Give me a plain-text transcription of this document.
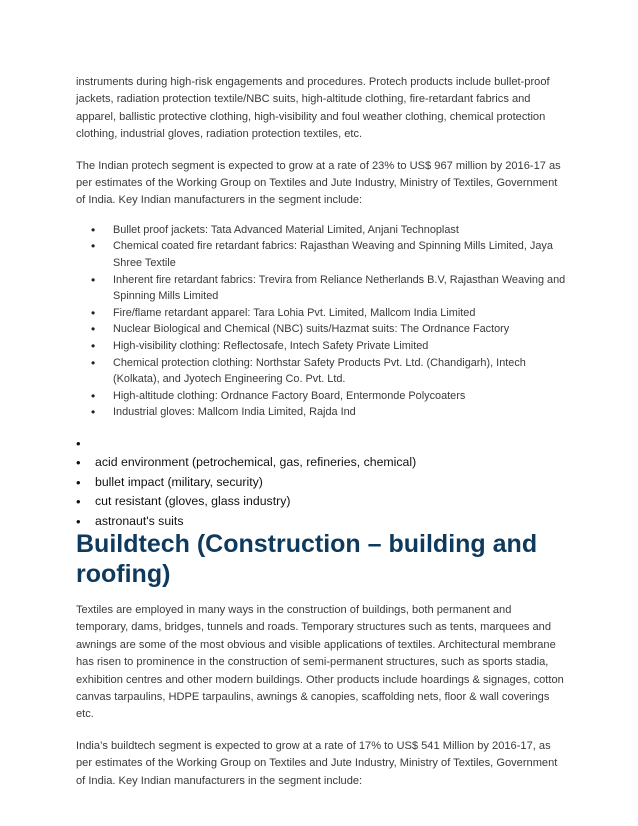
instruments during high-risk engagements and procedures. Protech products include bullet-proof jackets, radiation protection textile/NBC suits, high-altitude clothing, fire-retardant fabrics and apparel, ballistic protective clothing, high-visibility and foul weather clothing, chemical protection clothing, industrial gloves, radiation protection textiles, etc.

The Indian protech segment is expected to grow at a rate of 23% to US$ 967 million by 2016-17 as per estimates of the Working Group on Textiles and Jute Industry, Ministry of Textiles, Government of India. Key Indian manufacturers in the segment include:

• Bullet proof jackets: Tata Advanced Material Limited, Anjani Technoplast
• Chemical coated fire retardant fabrics: Rajasthan Weaving and Spinning Mills Limited, Jaya Shree Textile
• Inherent fire retardant fabrics: Trevira from Reliance Netherlands B.V, Rajasthan Weaving and Spinning Mills Limited
• Fire/flame retardant apparel: Tara Lohia Pvt. Limited, Mallcom India Limited
• Nuclear Biological and Chemical (NBC) suits/Hazmat suits: The Ordnance Factory
• High-visibility clothing: Reflectosafe, Intech Safety Private Limited
• Chemical protection clothing: Northstar Safety Products Pvt. Ltd. (Chandigarh), Intech (Kolkata), and Jyotech Engineering Co. Pvt. Ltd.
• High-altitude clothing: Ordnance Factory Board, Entermonde Polycoaters
• Industrial gloves: Mallcom India Limited, Rajda Ind
•
• acid environment (petrochemical, gas, refineries, chemical)
• bullet impact (military, security)
• cut resistant (gloves, glass industry)
• astronaut's suits
Buildtech (Construction – building and roofing)

Textiles are employed in many ways in the construction of buildings, both permanent and temporary, dams, bridges, tunnels and roads. Temporary structures such as tents, marquees and awnings are some of the most obvious and visible applications of textiles. Architectural membrane has risen to prominence in the construction of semi-permanent structures, such as sports stadia, exhibition centres and other modern buildings. Other products include hoardings & signages, cotton canvas tarpaulins, HDPE tarpaulins, awnings & canopies, scaffolding nets, floor & wall coverings etc.

India’s buildtech segment is expected to grow at a rate of 17% to US$ 541 Million by 2016-17, as per estimates of the Working Group on Textiles and Jute Industry, Ministry of Textiles, Government of India. Key Indian manufacturers in the segment include:
